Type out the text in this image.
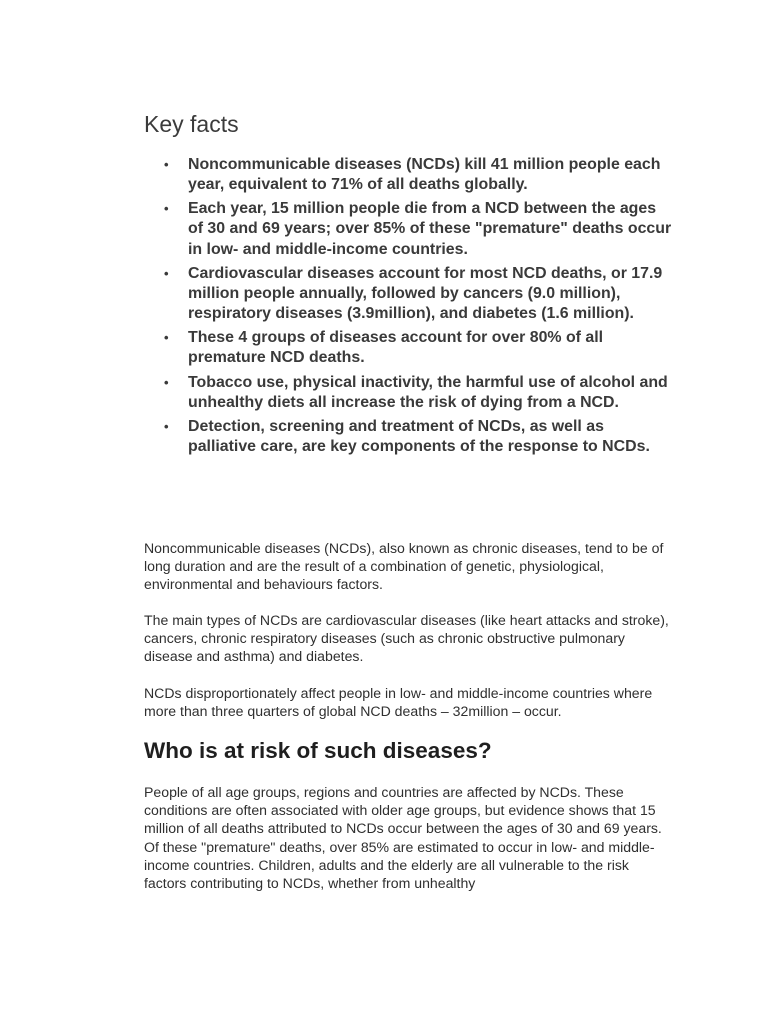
Key facts
• Noncommunicable diseases (NCDs) kill 41 million people each year, equivalent to 71% of all deaths globally.
• Each year, 15 million people die from a NCD between the ages of 30 and 69 years; over 85% of these "premature" deaths occur in low- and middle-income countries.
• Cardiovascular diseases account for most NCD deaths, or 17.9 million people annually, followed by cancers (9.0 million), respiratory diseases (3.9million), and diabetes (1.6 million).
• These 4 groups of diseases account for over 80% of all premature NCD deaths.
• Tobacco use, physical inactivity, the harmful use of alcohol and unhealthy diets all increase the risk of dying from a NCD.
• Detection, screening and treatment of NCDs, as well as palliative care, are key components of the response to NCDs.

Noncommunicable diseases (NCDs), also known as chronic diseases, tend to be of long duration and are the result of a combination of genetic, physiological, environmental and behaviours factors.

The main types of NCDs are cardiovascular diseases (like heart attacks and stroke), cancers, chronic respiratory diseases (such as chronic obstructive pulmonary disease and asthma) and diabetes.

NCDs disproportionately affect people in low- and middle-income countries where more than three quarters of global NCD deaths – 32million – occur.

Who is at risk of such diseases?

People of all age groups, regions and countries are affected by NCDs. These conditions are often associated with older age groups, but evidence shows that 15 million of all deaths attributed to NCDs occur between the ages of 30 and 69 years. Of these "premature" deaths, over 85% are estimated to occur in low- and middle-income countries. Children, adults and the elderly are all vulnerable to the risk factors contributing to NCDs, whether from unhealthy
